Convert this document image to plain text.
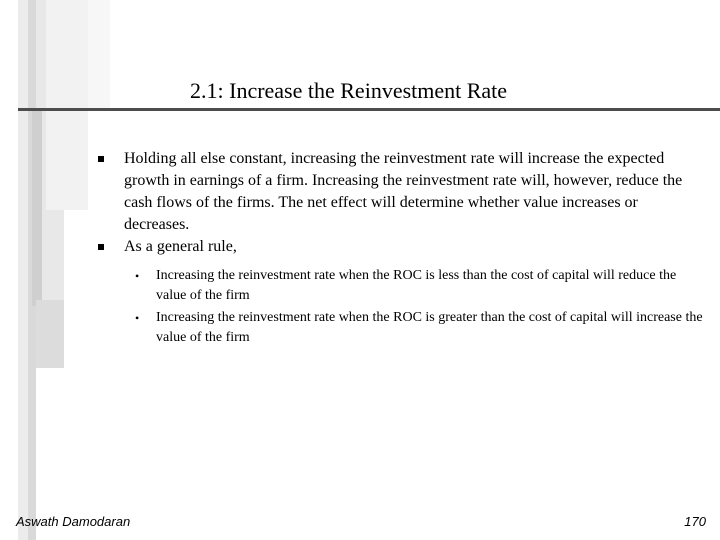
2.1: Increase the Reinvestment Rate
Holding all else constant, increasing the reinvestment rate will increase the expected growth in earnings of a firm. Increasing the reinvestment rate will, however, reduce the cash flows of the firms. The net effect will determine whether value increases or decreases.
As a general rule,
• Increasing the reinvestment rate when the ROC is less than the cost of capital will reduce the value of the firm
• Increasing the reinvestment rate when the ROC is greater than the cost of capital will increase the value of the firm

Aswath Damodaran	170
